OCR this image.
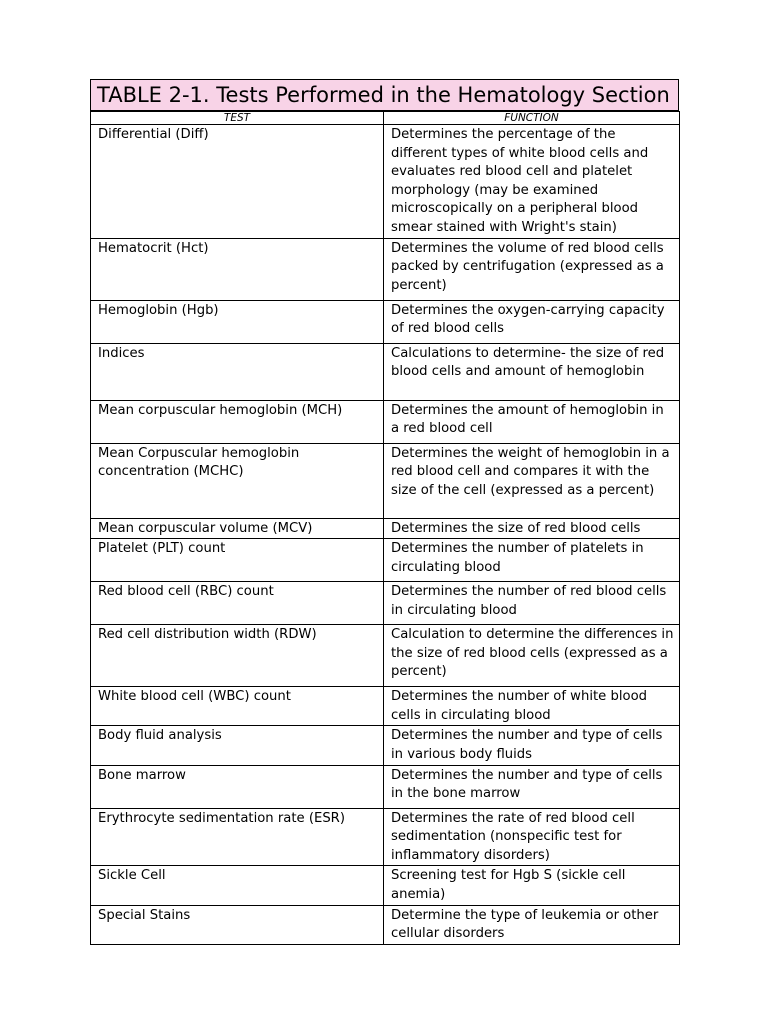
TABLE 2-1. Tests Performed in the Hematology Section
TEST	FUNCTION
Differential (Diff)	Determines the percentage of the different types of white blood cells and evaluates red blood cell and platelet morphology (may be examined microscopically on a peripheral blood smear stained with Wright's stain)
Hematocrit (Hct)	Determines the volume of red blood cells packed by centrifugation (expressed as a percent)
Hemoglobin (Hgb)	Determines the oxygen-carrying capacity of red blood cells
Indices	Calculations to determine- the size of red blood cells and amount of hemoglobin
Mean corpuscular hemoglobin (MCH)	Determines the amount of hemoglobin in a red blood cell
Mean Corpuscular hemoglobin concentration (MCHC)	Determines the weight of hemoglobin in a red blood cell and compares it with the size of the cell (expressed as a percent)
Mean corpuscular volume (MCV)	Determines the size of red blood cells
Platelet (PLT) count	Determines the number of platelets in circulating blood
Red blood cell (RBC) count	Determines the number of red blood cells in circulating blood
Red cell distribution width (RDW)	Calculation to determine the differences in the size of red blood cells (expressed as a percent)
White blood cell (WBC) count	Determines the number of white blood cells in circulating blood
Body fluid analysis	Determines the number and type of cells in various body fluids
Bone marrow	Determines the number and type of cells in the bone marrow
Erythrocyte sedimentation rate (ESR)	Determines the rate of red blood cell sedimentation (nonspecific test for inflammatory disorders)
Sickle Cell	Screening test for Hgb S (sickle cell anemia)
Special Stains	Determine the type of leukemia or other cellular disorders
